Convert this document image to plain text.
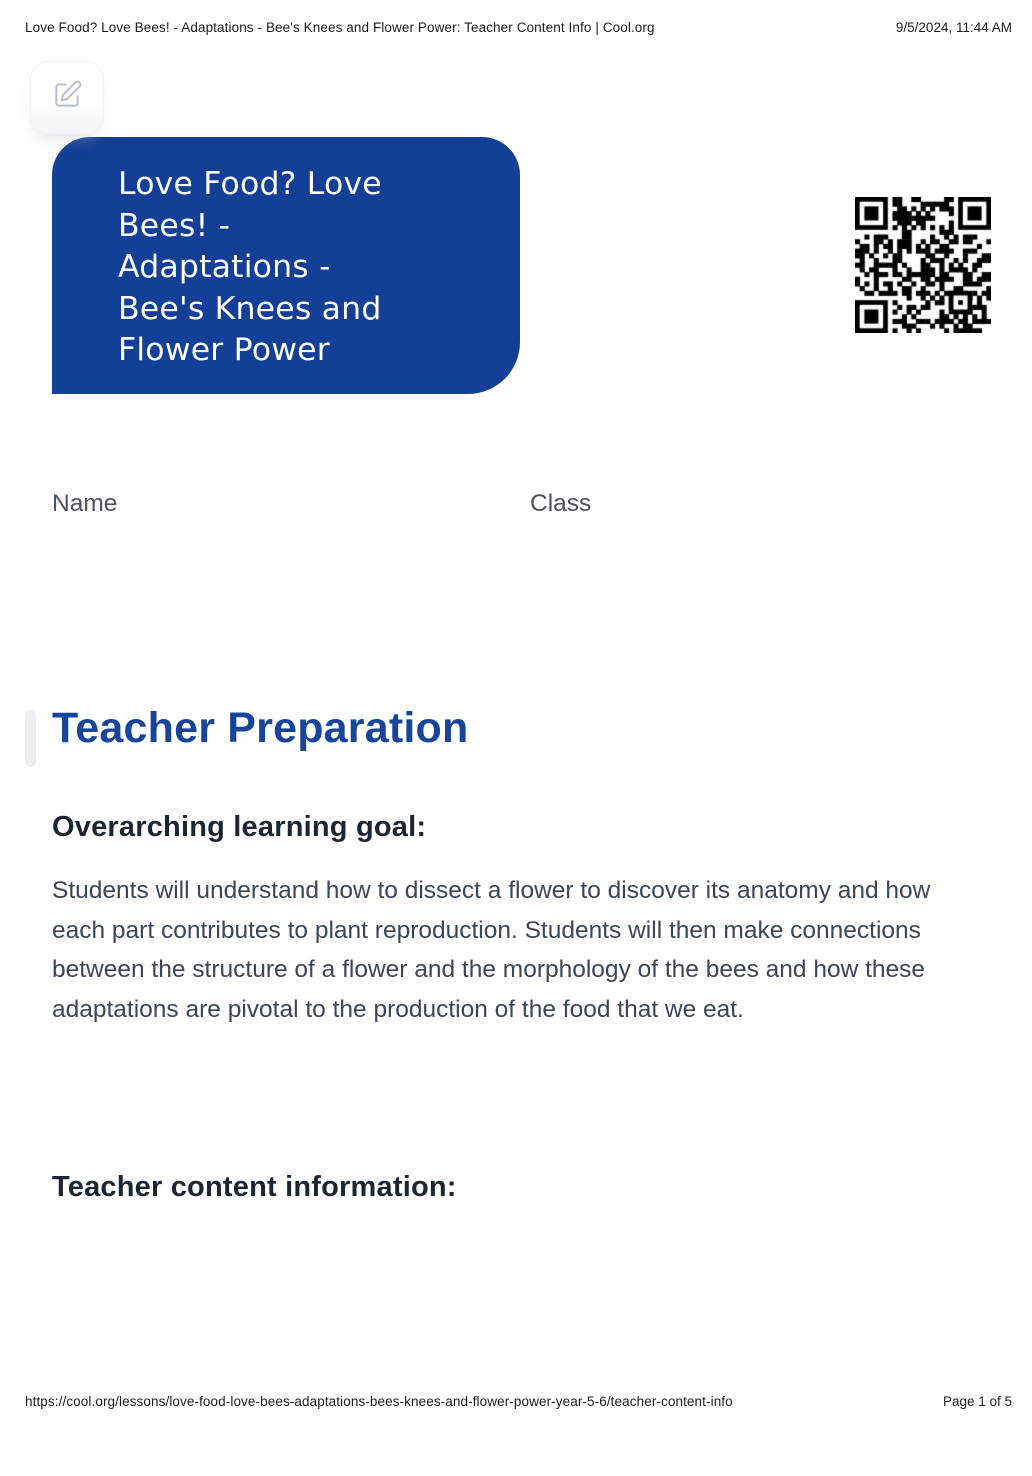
Love Food? Love Bees! - Adaptations - Bee's Knees and Flower Power: Teacher Content Info | Cool.org	9/5/2024, 11:44 AM
Love Food? Love
Bees! -
Adaptations -
Bee's Knees and
Flower Power
Name	Class
Teacher Preparation
Overarching learning goal:

Students will understand how to dissect a flower to discover its anatomy and how each part contributes to plant reproduction. Students will then make connections between the structure of a flower and the morphology of the bees and how these adaptations are pivotal to the production of the food that we eat.

Teacher content information:
https://cool.org/lessons/love-food-love-bees-adaptations-bees-knees-and-flower-power-year-5-6/teacher-content-info	Page 1 of 5
